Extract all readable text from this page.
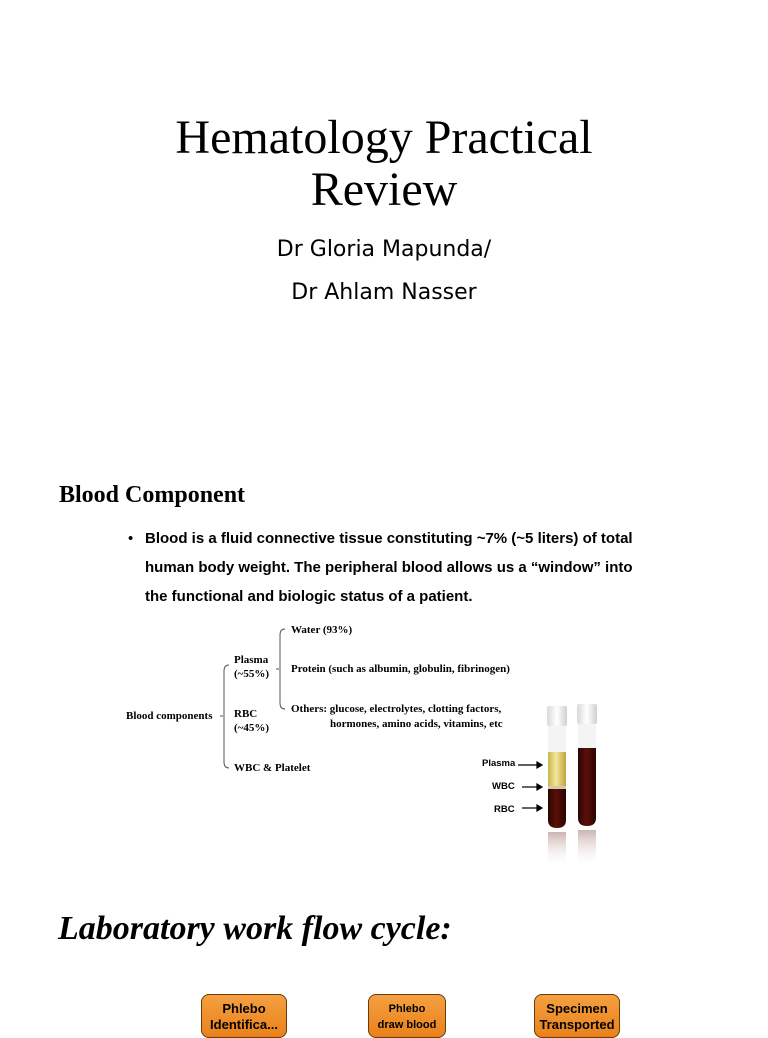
Hematology Practical
Review
Dr Gloria Mapunda/
Dr Ahlam Nasser
Blood Component
• Blood is a fluid connective tissue constituting ~7% (~5 liters) of total human body weight. The peripheral blood allows us a “window” into the functional and biologic status of a patient.
Blood components
Plasma
(~55%)
RBC
(~45%)
WBC & Platelet
Water (93%)
Protein (such as albumin, globulin, fibrinogen)
Others: glucose, electrolytes, clotting factors,
hormones, amino acids, vitamins, etc
Plasma
WBC
RBC
Laboratory work flow cycle:
Phlebo
Identifica...
Phlebo
draw blood
Specimen
Transported
